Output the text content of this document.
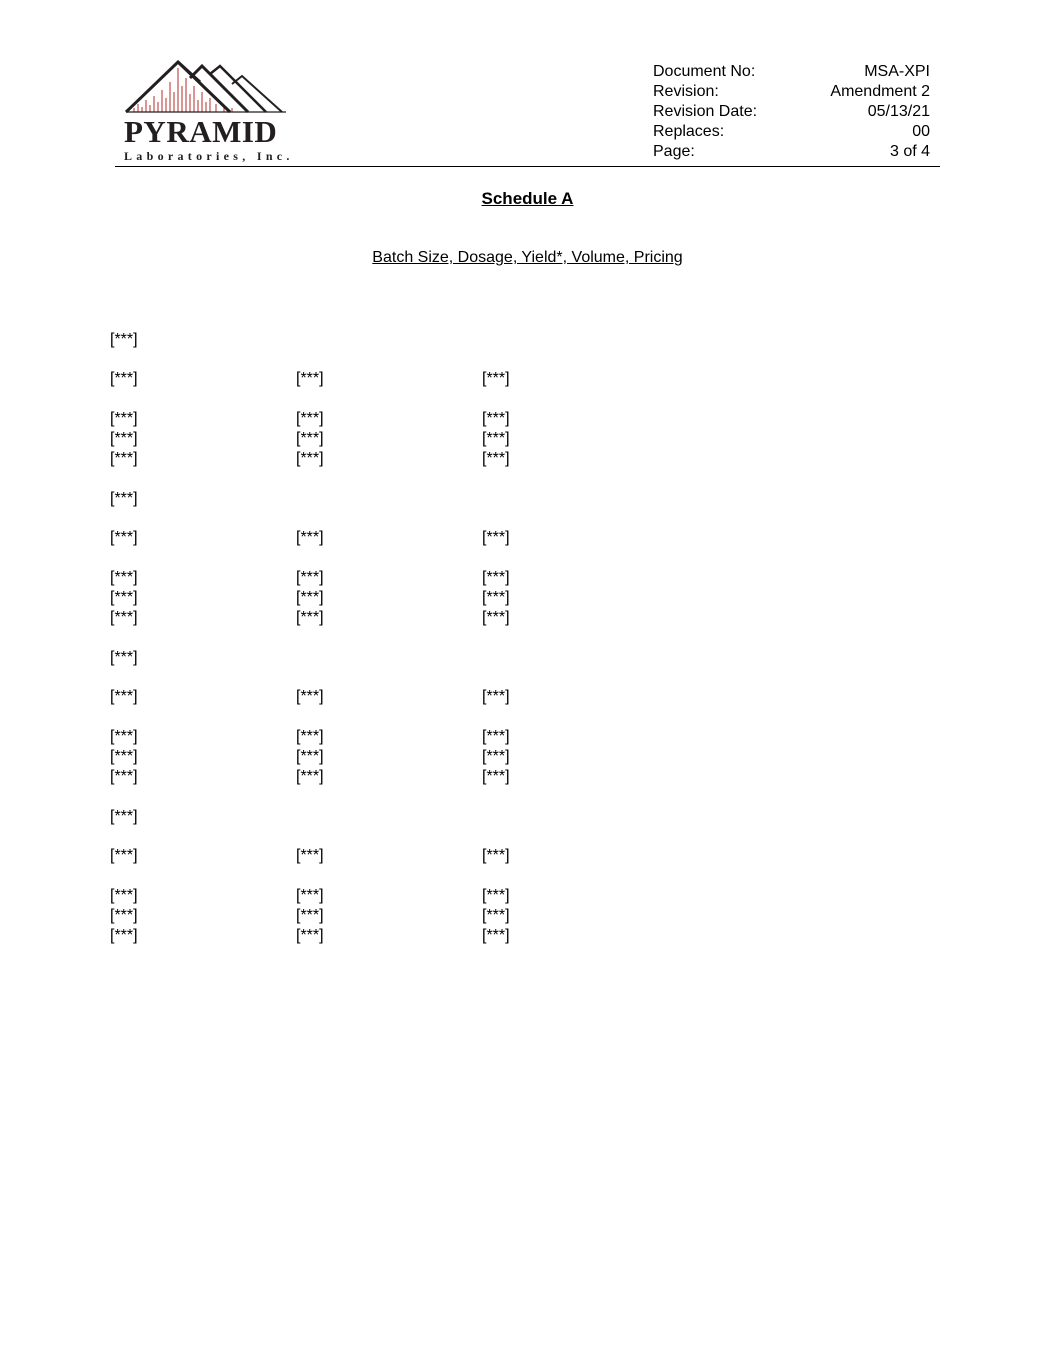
PYRAMID
Laboratories, Inc.
Document No:	MSA-XPI
Revision:	Amendment 2
Revision Date:	05/13/21
Replaces:	00
Page:	3 of 4
Schedule A
Batch Size, Dosage, Yield*, Volume, Pricing
[***]
[***]	[***]	[***]
[***]	[***]	[***]
[***]	[***]	[***]
[***]	[***]	[***]
[***]
[***]	[***]	[***]
[***]	[***]	[***]
[***]	[***]	[***]
[***]	[***]	[***]
[***]
[***]	[***]	[***]
[***]	[***]	[***]
[***]	[***]	[***]
[***]	[***]	[***]
[***]
[***]	[***]	[***]
[***]	[***]	[***]
[***]	[***]	[***]
[***]	[***]	[***]
